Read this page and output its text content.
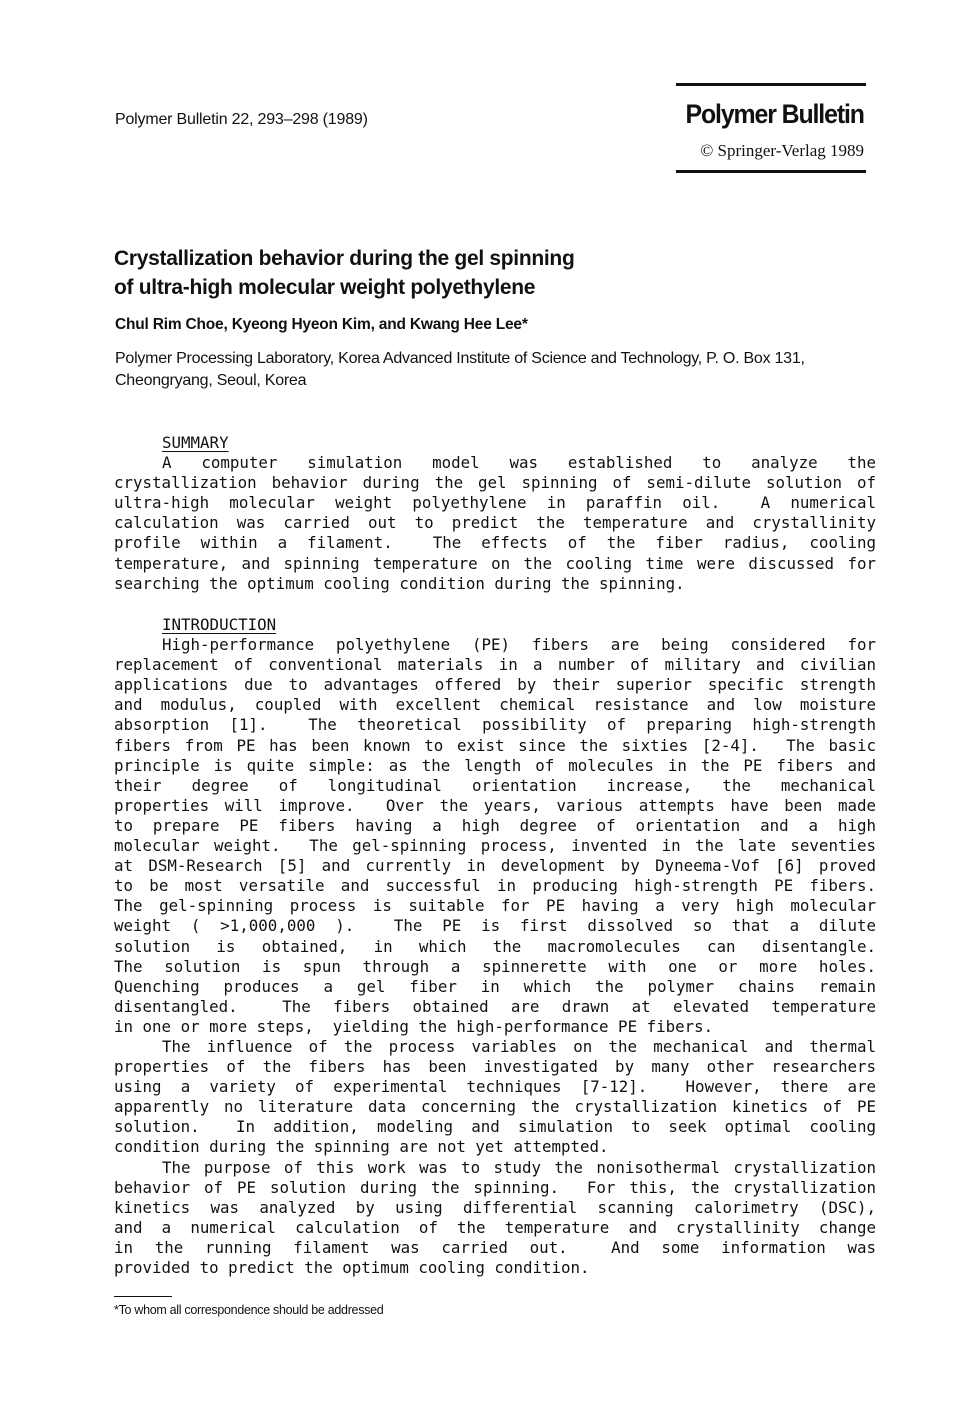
Polymer Bulletin 22, 293–298 (1989)	Polymer Bulletin
© Springer-Verlag 1989
Crystallization behavior during the gel spinning
of ultra-high molecular weight polyethylene
Chul Rim Choe, Kyeong Hyeon Kim, and Kwang Hee Lee*
Polymer Processing Laboratory, Korea Advanced Institute of Science and Technology, P. O. Box 131,
Cheongryang, Seoul, Korea
SUMMARY
A computer simulation model was established to analyze the
crystallization behavior during the gel spinning of semi-dilute solution of
ultra-high molecular weight polyethylene in paraffin oil.  A numerical
calculation was carried out to predict the temperature and crystallinity
profile within a filament.  The effects of the fiber radius, cooling
temperature, and spinning temperature on the cooling time were discussed for
searching the optimum cooling condition during the spinning.
INTRODUCTION
High-performance polyethylene (PE) fibers are being considered for
replacement of conventional materials in a number of military and civilian
applications due to advantages offered by their superior specific strength
and modulus, coupled with excellent chemical resistance and low moisture
absorption [1].  The theoretical possibility of preparing high-strength
fibers from PE has been known to exist since the sixties [2-4].  The basic
principle is quite simple: as the length of molecules in the PE fibers and
their degree of longitudinal orientation increase, the mechanical
properties will improve.  Over the years, various attempts have been made
to prepare PE fibers having a high degree of orientation and a high
molecular weight.  The gel-spinning process, invented in the late seventies
at DSM-Research [5] and currently in development by Dyneema-Vof [6] proved
to be most versatile and successful in producing high-strength PE fibers.
The gel-spinning process is suitable for PE having a very high molecular
weight ( >1,000,000 ).  The PE is first dissolved so that a dilute
solution is obtained, in which the macromolecules can disentangle.
The solution is spun through a spinnerette with one or more holes.
Quenching produces a gel fiber in which the polymer chains remain
disentangled.  The fibers obtained are drawn at elevated temperature
in one or more steps,  yielding the high-performance PE fibers.
The influence of the process variables on the mechanical and thermal
properties of the fibers has been investigated by many other researchers
using a variety of experimental techniques [7-12].  However, there are
apparently no literature data concerning the crystallization kinetics of PE
solution.  In addition, modeling and simulation to seek optimal cooling
condition during the spinning are not yet attempted.
The purpose of this work was to study the nonisothermal crystallization
behavior of PE solution during the spinning.  For this, the crystallization
kinetics was analyzed by using differential scanning calorimetry (DSC),
and a numerical calculation of the temperature and crystallinity change
in the running filament was carried out.  And some information was
provided to predict the optimum cooling condition.
*To whom all correspondence should be addressed
